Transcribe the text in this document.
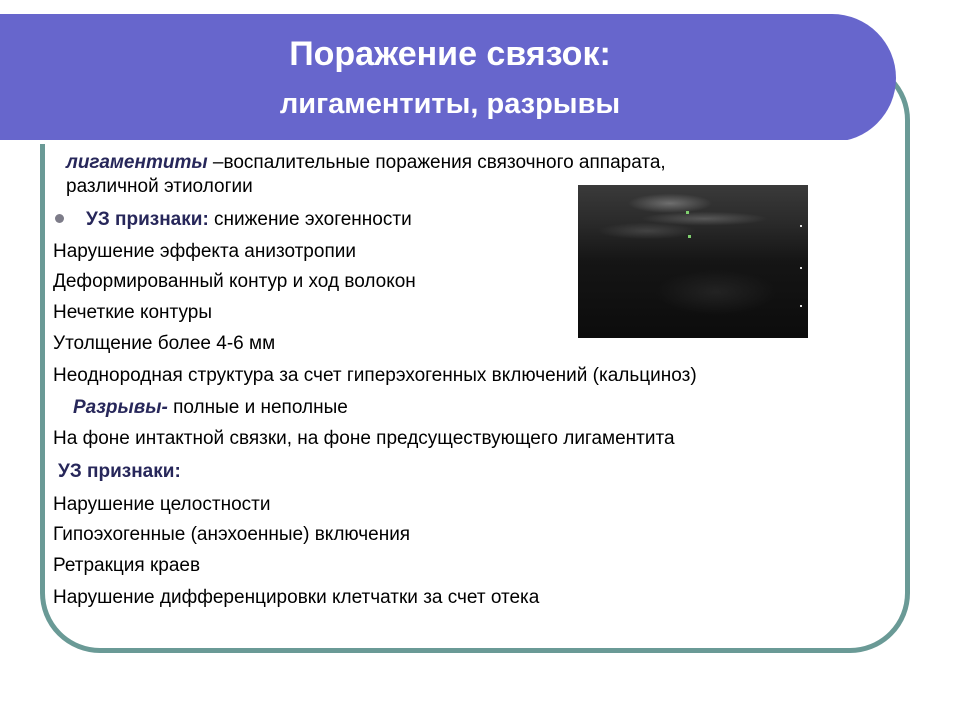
Поражение связок:
лигаментиты, разрывы
лигаментиты –воспалительные поражения связочного аппарата,
различной этиологии
УЗ признаки: снижение эхогенности
Нарушение эффекта анизотропии
Деформированный контур и ход волокон
Нечеткие контуры
Утолщение более 4-6 мм
Неоднородная структура за счет гиперэхогенных включений (кальциноз)
Разрывы- полные и неполные
На фоне интактной связки, на фоне предсуществующего лигаментита
УЗ признаки:
Нарушение целостности
Гипоэхогенные (анэхоенные) включения
Ретракция краев
Нарушение дифференцировки клетчатки за счет отека
